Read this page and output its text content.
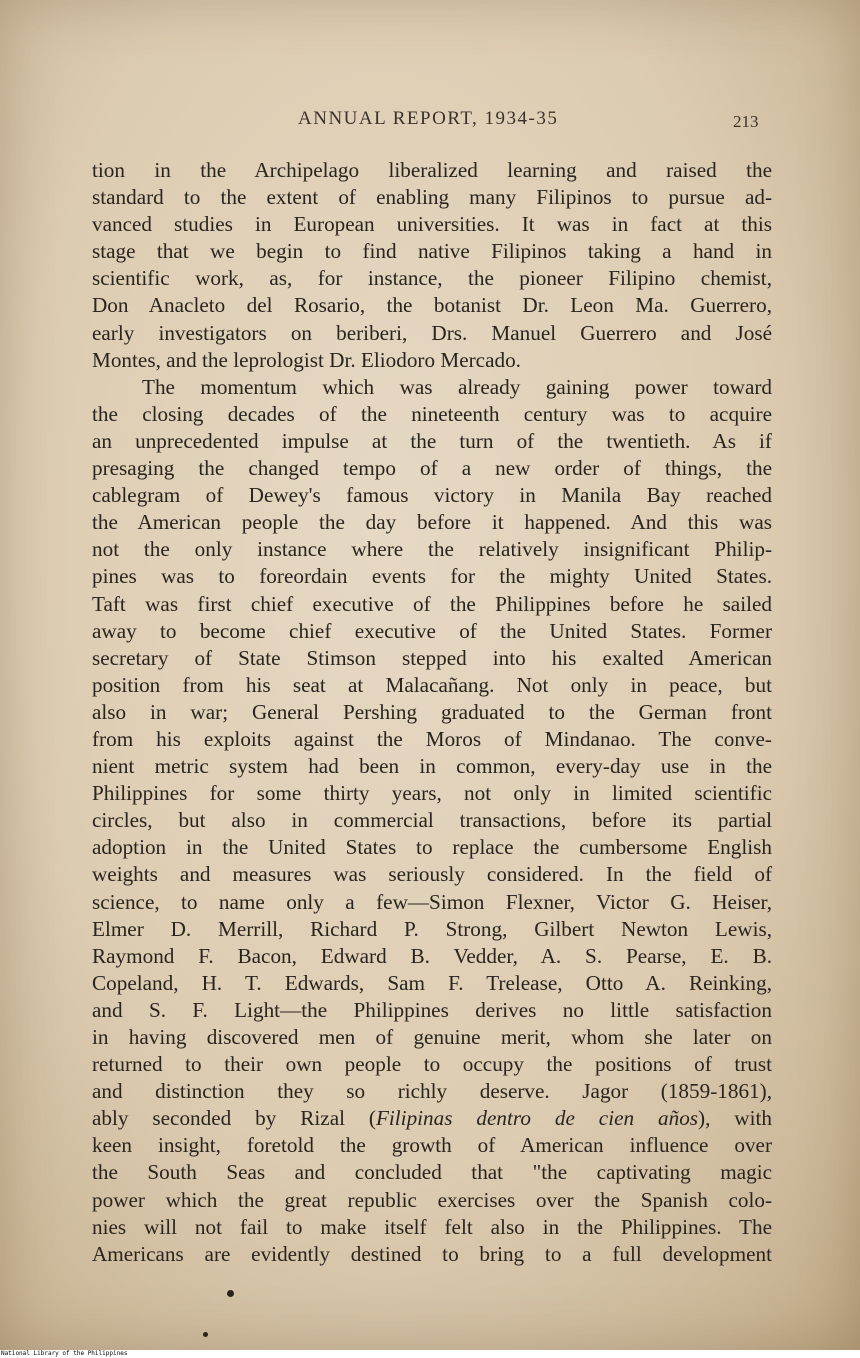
ANNUAL REPORT, 1934-35	213
tion in the Archipelago liberalized learning and raised the
standard to the extent of enabling many Filipinos to pursue ad-
vanced studies in European universities. It was in fact at this
stage that we begin to find native Filipinos taking a hand in
scientific work, as, for instance, the pioneer Filipino chemist,
Don Anacleto del Rosario, the botanist Dr. Leon Ma. Guerrero,
early investigators on beriberi, Drs. Manuel Guerrero and José
Montes, and the leprologist Dr. Eliodoro Mercado.
The momentum which was already gaining power toward
the closing decades of the nineteenth century was to acquire
an unprecedented impulse at the turn of the twentieth. As if
presaging the changed tempo of a new order of things, the
cablegram of Dewey's famous victory in Manila Bay reached
the American people the day before it happened. And this was
not the only instance where the relatively insignificant Philip-
pines was to foreordain events for the mighty United States.
Taft was first chief executive of the Philippines before he sailed
away to become chief executive of the United States. Former
secretary of State Stimson stepped into his exalted American
position from his seat at Malacañang. Not only in peace, but
also in war; General Pershing graduated to the German front
from his exploits against the Moros of Mindanao. The conve-
nient metric system had been in common, every-day use in the
Philippines for some thirty years, not only in limited scientific
circles, but also in commercial transactions, before its partial
adoption in the United States to replace the cumbersome English
weights and measures was seriously considered. In the field of
science, to name only a few—Simon Flexner, Victor G. Heiser,
Elmer D. Merrill, Richard P. Strong, Gilbert Newton Lewis,
Raymond F. Bacon, Edward B. Vedder, A. S. Pearse, E. B.
Copeland, H. T. Edwards, Sam F. Trelease, Otto A. Reinking,
and S. F. Light—the Philippines derives no little satisfaction
in having discovered men of genuine merit, whom she later on
returned to their own people to occupy the positions of trust
and distinction they so richly deserve. Jagor (1859-1861),
ably seconded by Rizal (Filipinas dentro de cien años), with
keen insight, foretold the growth of American influence over
the South Seas and concluded that "the captivating magic
power which the great republic exercises over the Spanish colo-
nies will not fail to make itself felt also in the Philippines. The
Americans are evidently destined to bring to a full development
National Library of the Philippines
